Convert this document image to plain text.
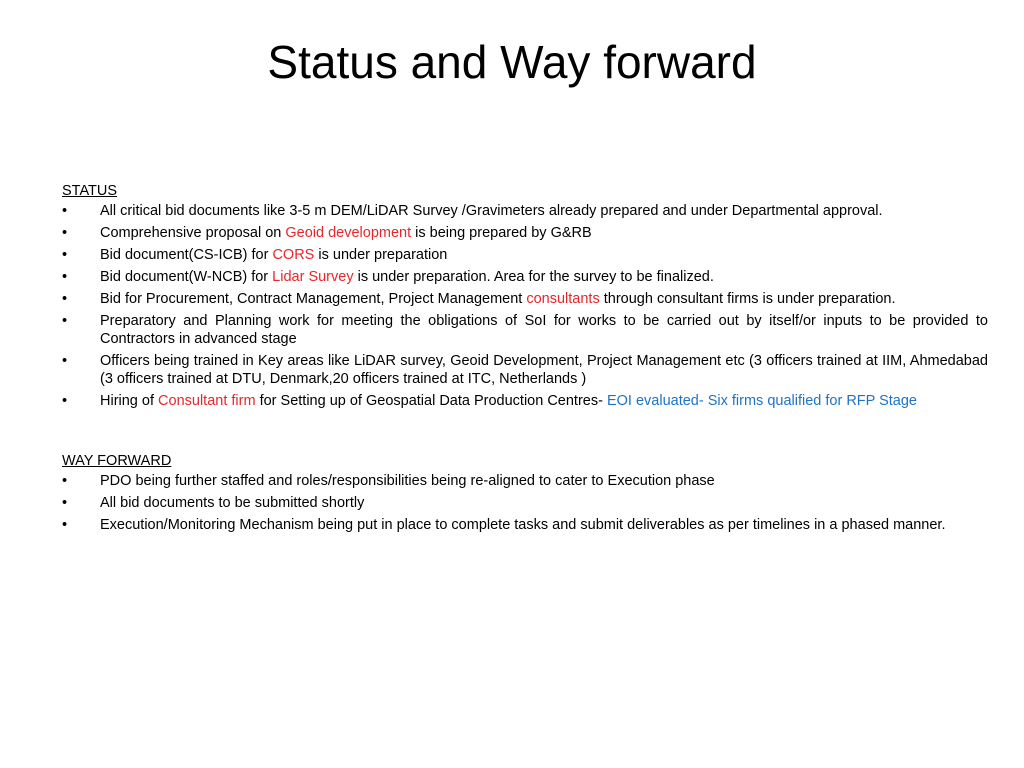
Status and Way forward
STATUS
•	All critical bid documents like 3-5 m DEM/LiDAR Survey /Gravimeters already prepared and under Departmental approval.
•	Comprehensive proposal on Geoid development is being prepared by G&RB
•	Bid document(CS-ICB) for CORS is under preparation
•	Bid document(W-NCB) for Lidar Survey is under preparation. Area for the survey to be finalized.
•	Bid for Procurement, Contract Management, Project Management consultants through consultant firms is under preparation.
•	Preparatory and Planning work for meeting the obligations of SoI for works to be carried out by itself/or inputs to be provided to Contractors in advanced stage
•	Officers being trained in Key areas like LiDAR survey, Geoid Development, Project Management etc (3 officers trained at IIM, Ahmedabad (3 officers trained at DTU, Denmark,20 officers trained at ITC, Netherlands )
•	Hiring of Consultant firm for Setting up of Geospatial Data Production Centres- EOI evaluated- Six firms qualified for RFP Stage
WAY FORWARD
•	PDO being further staffed and roles/responsibilities being re-aligned to cater to Execution phase
•	All bid documents to be submitted shortly
•	Execution/Monitoring Mechanism being put in place to complete tasks and submit deliverables as per timelines in a phased manner.
